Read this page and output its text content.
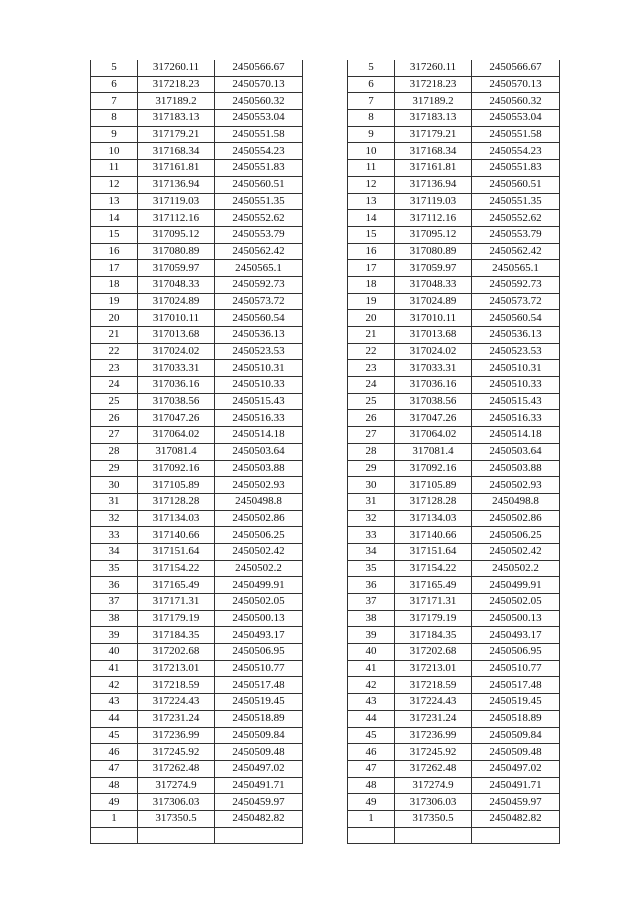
5	317260.11	2450566.67
6	317218.23	2450570.13
7	317189.2	2450560.32
8	317183.13	2450553.04
9	317179.21	2450551.58
10	317168.34	2450554.23
11	317161.81	2450551.83
12	317136.94	2450560.51
13	317119.03	2450551.35
14	317112.16	2450552.62
15	317095.12	2450553.79
16	317080.89	2450562.42
17	317059.97	2450565.1
18	317048.33	2450592.73
19	317024.89	2450573.72
20	317010.11	2450560.54
21	317013.68	2450536.13
22	317024.02	2450523.53
23	317033.31	2450510.31
24	317036.16	2450510.33
25	317038.56	2450515.43
26	317047.26	2450516.33
27	317064.02	2450514.18
28	317081.4	2450503.64
29	317092.16	2450503.88
30	317105.89	2450502.93
31	317128.28	2450498.8
32	317134.03	2450502.86
33	317140.66	2450506.25
34	317151.64	2450502.42
35	317154.22	2450502.2
36	317165.49	2450499.91
37	317171.31	2450502.05
38	317179.19	2450500.13
39	317184.35	2450493.17
40	317202.68	2450506.95
41	317213.01	2450510.77
42	317218.59	2450517.48
43	317224.43	2450519.45
44	317231.24	2450518.89
45	317236.99	2450509.84
46	317245.92	2450509.48
47	317262.48	2450497.02
48	317274.9	2450491.71
49	317306.03	2450459.97
1	317350.5	2450482.82

5	317260.11	2450566.67
6	317218.23	2450570.13
7	317189.2	2450560.32
8	317183.13	2450553.04
9	317179.21	2450551.58
10	317168.34	2450554.23
11	317161.81	2450551.83
12	317136.94	2450560.51
13	317119.03	2450551.35
14	317112.16	2450552.62
15	317095.12	2450553.79
16	317080.89	2450562.42
17	317059.97	2450565.1
18	317048.33	2450592.73
19	317024.89	2450573.72
20	317010.11	2450560.54
21	317013.68	2450536.13
22	317024.02	2450523.53
23	317033.31	2450510.31
24	317036.16	2450510.33
25	317038.56	2450515.43
26	317047.26	2450516.33
27	317064.02	2450514.18
28	317081.4	2450503.64
29	317092.16	2450503.88
30	317105.89	2450502.93
31	317128.28	2450498.8
32	317134.03	2450502.86
33	317140.66	2450506.25
34	317151.64	2450502.42
35	317154.22	2450502.2
36	317165.49	2450499.91
37	317171.31	2450502.05
38	317179.19	2450500.13
39	317184.35	2450493.17
40	317202.68	2450506.95
41	317213.01	2450510.77
42	317218.59	2450517.48
43	317224.43	2450519.45
44	317231.24	2450518.89
45	317236.99	2450509.84
46	317245.92	2450509.48
47	317262.48	2450497.02
48	317274.9	2450491.71
49	317306.03	2450459.97
1	317350.5	2450482.82
